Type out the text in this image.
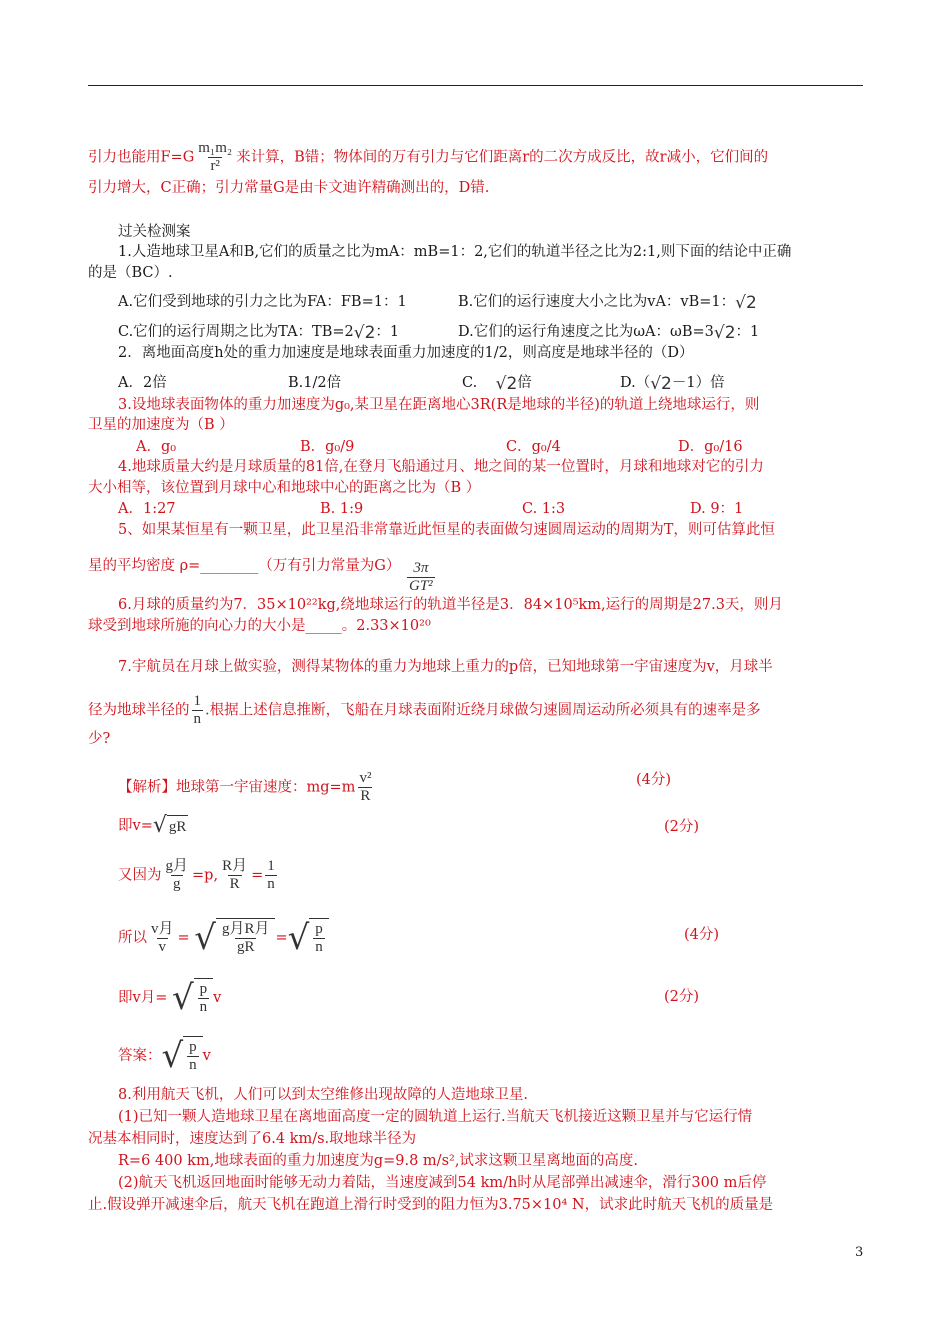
引力也能用$F=G \frac{\text{m₁m₂}}{\text{r²}}$ 来计算，B错；物体间的万有引力与它们距离r的二次方成反比，故r减小，它们间的
引力增大，C正确；引力常量G是由卡文迪许精确测出的，D错.
过关检测案
1.人造地球卫星A和B,它们的质量之比为mA：mB=1：2,它们的轨道半径之比为2:1,则下面的结论中正确
的是（BC）.
A.它们受到地球的引力之比为FA：FB=1：1	B.它们的运行速度大小之比为vA：vB=1：√2
C.它们的运行周期之比为TA：TB=2√2：1	D.它们的运行角速度之比为ωA：ωB=3√2：1
2．离地面高度h处的重力加速度是地球表面重力加速度的1/2，则高度是地球半径的（D）
A．2倍	B.1/2倍	C. √2倍	D.（√2－1）倍
3.设地球表面物体的重力加速度为g₀,某卫星在距离地心3R(R是地球的半径)的轨道上绕地球运行，则
卫星的加速度为（B ）
A．g₀	B．g₀/9	C．g₀/4	D．g₀/16
4.地球质量大约是月球质量的81倍,在登月飞船通过月、地之间的某一位置时，月球和地球对它的引力
大小相等，该位置到月球中心和地球中心的距离之比为（B ）
A．1:27	B. 1:9	C. 1:3	D. 9：1
5、如果某恒星有一颗卫星，此卫星沿非常靠近此恒星的表面做匀速圆周运动的周期为T，则可估算此恒
星的平均密度 ρ=________（万有引力常量为$G) \frac{3\pi}{\text{GT²}}$
6.月球的质量约为7．35×10²²kg,绕地球运行的轨道半径是3．84×10⁵km,运行的周期是27.3天，则月
球受到地球所施的向心力的大小是_____。2.33×10²⁰
7.宇航员在月球上做实验，测得某物体的重力为地球上重力的p倍，已知地球第一宇宙速度为v，月球半
径为地球半径的 $\frac{1}{n}$ .根据上述信息推断，飞船在月球表面附近绕月球做匀速圆周运动所必须具有的速率是多
少?
【解析】地球第一宇宙速度：$mg=m \frac{\text{v²}}{R}$	(4分)
即v= √ gR	(2分)
又因为 $\frac{\text{g月}}{g} =p$, $\frac{\text{R月}}{R} = \frac{1}{n}$
所以 $\frac{\text{v月}}{v}$ = √ $\frac{\text{g月R月}}{gR}$ = √ $\frac{p}{n}$	(4分)
即v月= √ $\frac{p}{n}$ v	(2分)
答案： √ $\frac{p}{n}$ v
8.利用航天飞机，人们可以到太空维修出现故障的人造地球卫星.
(1)已知一颗人造地球卫星在离地面高度一定的圆轨道上运行.当航天飞机接近这颗卫星并与它运行情
况基本相同时，速度达到了6.4 km/s.取地球半径为
R=6 400 km,地球表面的重力加速度为g=9.8 m/s²,试求这颗卫星离地面的高度.
(2)航天飞机返回地面时能够无动力着陆，当速度减到54 km/h时从尾部弹出减速伞，滑行300 m后停
止.假设弹开减速伞后，航天飞机在跑道上滑行时受到的阻力恒为3.75×10⁴ N，试求此时航天飞机的质量是
3
